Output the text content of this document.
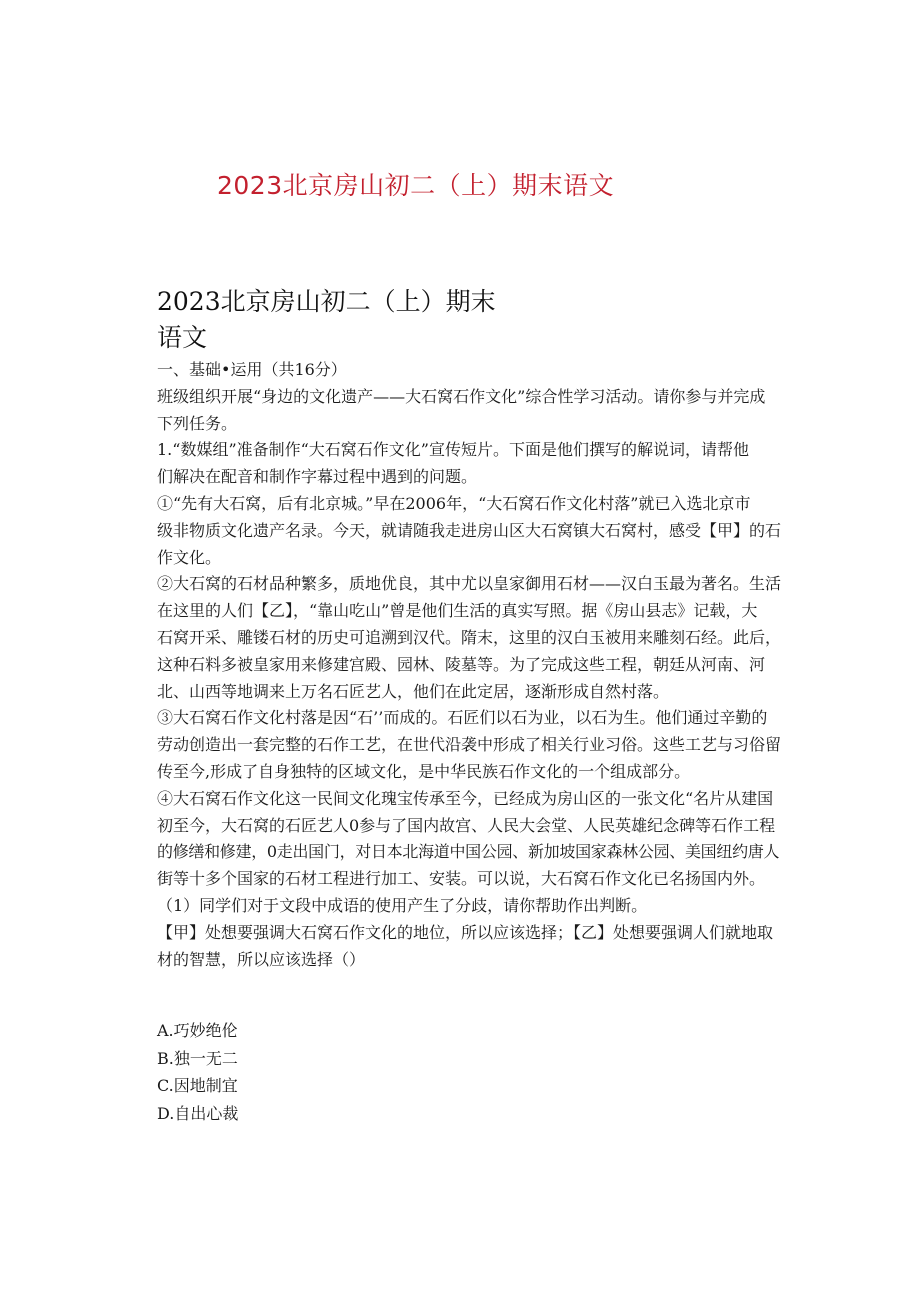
2023北京房山初二（上）期末语文
2023北京房山初二（上）期末
语文
一、基础•运用（共16分）
班级组织开展“身边的文化遗产——大石窝石作文化”综合性学习活动。请你参与并完成
下列任务。
1.“数媒组”准备制作“大石窝石作文化”宣传短片。下面是他们撰写的解说词，请帮他
们解决在配音和制作字幕过程中遇到的问题。
①“先有大石窝，后有北京城。”早在2006年，“大石窝石作文化村落”就已入选北京市
级非物质文化遗产名录。今天，就请随我走进房山区大石窝镇大石窝村，感受【甲】的石
作文化。
②大石窝的石材品种繁多，质地优良，其中尤以皇家御用石材——汉白玉最为著名。生活
在这里的人们【乙】，“靠山吃山”曾是他们生活的真实写照。据《房山县志》记载，大
石窝开采、雕镂石材的历史可追溯到汉代。隋末，这里的汉白玉被用来雕刻石经。此后，
这种石料多被皇家用来修建宫殿、园林、陵墓等。为了完成这些工程，朝廷从河南、河
北、山西等地调来上万名石匠艺人，他们在此定居，逐渐形成自然村落。
③大石窝石作文化村落是因“石’’而成的。石匠们以石为业，以石为生。他们通过辛勤的
劳动创造出一套完整的石作工艺，在世代沿袭中形成了相关行业习俗。这些工艺与习俗留
传至今,形成了自身独特的区域文化，是中华民族石作文化的一个组成部分。
④大石窝石作文化这一民间文化瑰宝传承至今，已经成为房山区的一张文化“名片从建国
初至今，大石窝的石匠艺人0参与了国内故宫、人民大会堂、人民英雄纪念碑等石作工程
的修缮和修建，0走出国门，对日本北海道中国公园、新加坡国家森林公园、美国纽约唐人
街等十多个国家的石材工程进行加工、安装。可以说，大石窝石作文化已名扬国内外。
（1）同学们对于文段中成语的使用产生了分歧，请你帮助作出判断。
【甲】处想要强调大石窝石作文化的地位，所以应该选择；【乙】处想要强调人们就地取
材的智慧，所以应该选择（）
A.巧妙绝伦
B.独一无二
C.因地制宜
D.自出心裁
